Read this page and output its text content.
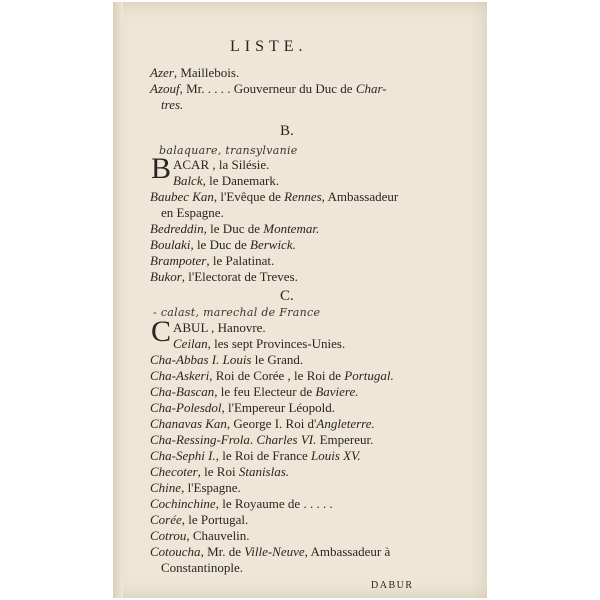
LISTE.
Azer, Maillebois.
Azouf, Mr. . . . . Gouverneur du Duc de Char-
tres.
B.
balaquare, transylvanie
B ACAR , la Silésie.
Balck, le Danemark.
Baubec Kan, l'Evêque de Rennes, Ambassadeur
en Espagne.
Bedreddin, le Duc de Montemar.
Boulaki, le Duc de Berwick.
Brampoter, le Palatinat.
Bukor, l'Electorat de Treves.
C.
- calast, marechal de France
C ABUL , Hanovre.
Ceilan, les sept Provinces-Unies.
Cha-Abbas I. Louis le Grand.
Cha-Askeri, Roi de Corée , le Roi de Portugal.
Cha-Bascan, le feu Electeur de Baviere.
Cha-Polesdol, l'Empereur Léopold.
Chanavas Kan, George I. Roi d'Angleterre.
Cha-Ressing-Frola. Charles VI. Empereur.
Cha-Sephi I., le Roi de France Louis XV.
Checoter, le Roi Stanislas.
Chine, l'Espagne.
Cochinchine, le Royaume de . . . . .
Corée, le Portugal.
Cotrou, Chauvelin.
Cotoucha, Mr. de Ville-Neuve, Ambassadeur à
Constantinople.
DABUR
